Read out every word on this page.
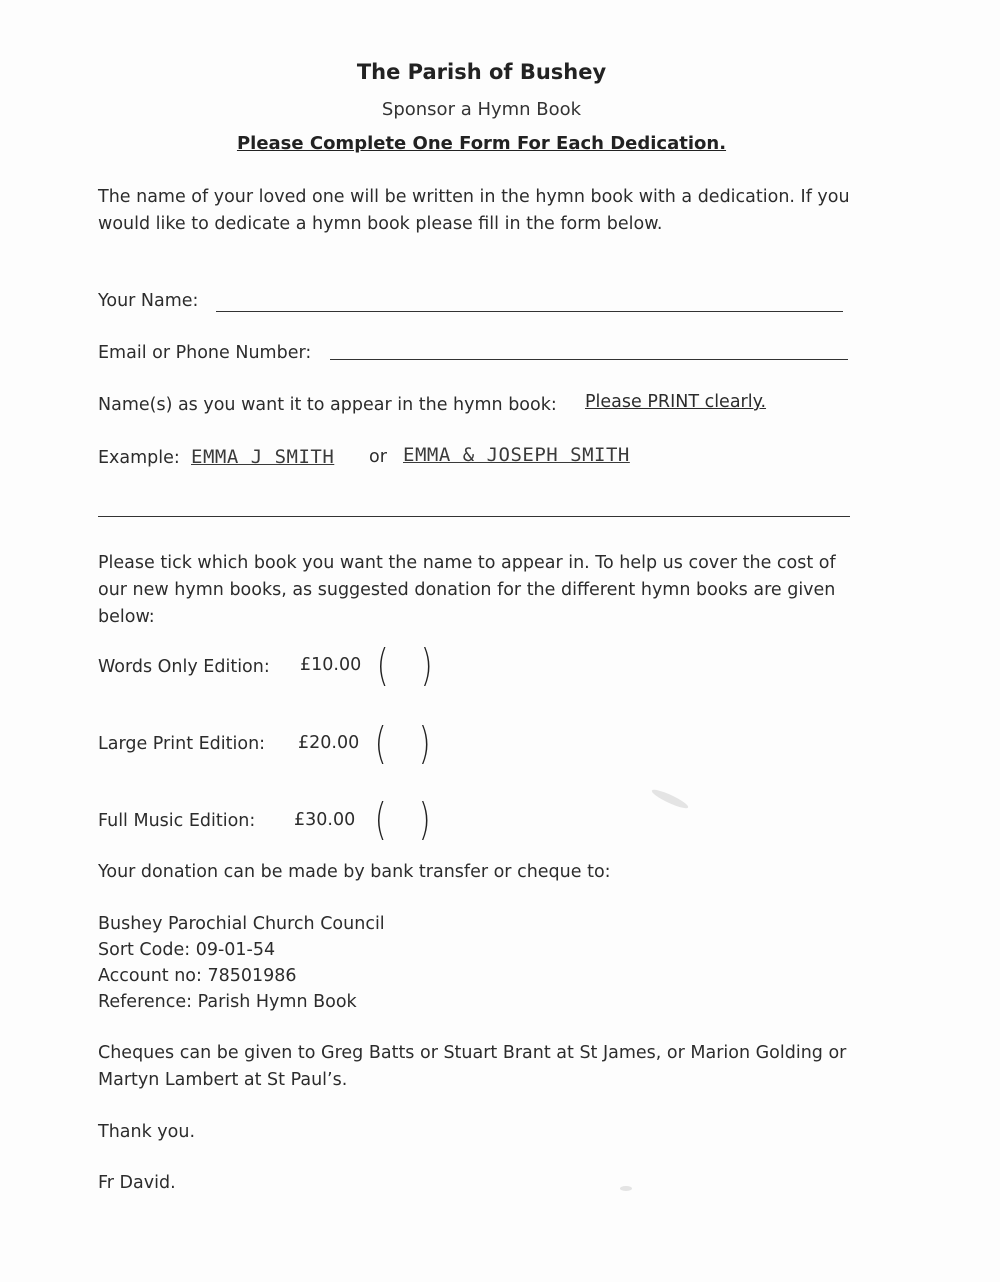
The Parish of Bushey
Sponsor a Hymn Book
Please Complete One Form For Each Dedication.
The name of your loved one will be written in the hymn book with a dedication. If you would like to dedicate a hymn book please fill in the form below.
Your Name:
Email or Phone Number:
Name(s) as you want it to appear in the hymn book: Please PRINT clearly.
Example: EMMA J SMITH or EMMA & JOSEPH SMITH
Please tick which book you want the name to appear in. To help us cover the cost of our new hymn books, as suggested donation for the different hymn books are given below:
Words Only Edition: £10.00 ( )
Large Print Edition: £20.00 ( )
Full Music Edition: £30.00 ( )
Your donation can be made by bank transfer or cheque to:
Bushey Parochial Church Council
Sort Code: 09-01-54
Account no: 78501986
Reference: Parish Hymn Book
Cheques can be given to Greg Batts or Stuart Brant at St James, or Marion Golding or Martyn Lambert at St Paul’s.
Thank you.
Fr David.
